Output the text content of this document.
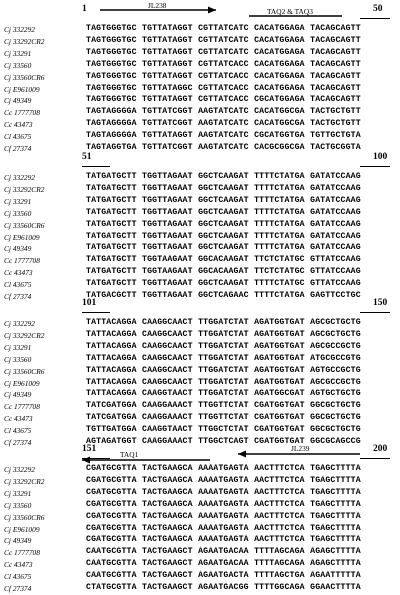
1	50
Cj 332292	TAGTGGGTGC TGTTATAGGT CGTTATCATC CACATGGAGA TACAGCAGTT
Cj 33292CR2	TAGTGGGTGC TGTTATAGGT CGTTATCATC CACATGGAGA TACAGCAGTT
Cj 33291	TAGTGGGTGC TGTTATAGGT CGTTATCATC CACATGGAGA TACAGCAGTT
Cj 33560	TAGTGGGTGC TGTTATAGGT CGTTATCACC CACATGGAGA TACAGCAGTT
Cj 33560CR6	TAGTGGGTGC TGTTATAGGT CGTTATCACC CACATGGAGA TACAGCAGTT
Cj E961009	TAGTGGGTGC TGTTATAGGC CGTTATCACC CACATGGAGA TACAGCAGTT
Cj 49349	TAGTGGGTGC TGTTATAGGT CGTTATCACC CGCATGGAGA TACAGCAGTT
Cc 1777708	TAGTAGGGGA TGTTATCGGT AAGTATCATC CACATGGCGA TACTGCTGTT
Cc 43473	TAGTAGGGGA TGTTATCGGT AAGTATCATC CACATGGCGA TACTGCTGTT
Cl 43675	TAGTAGGGGA TGTTATAGGT AAGTATCATC CGCATGGTGA TGTTGCTGTA
Cf 27374	TAGTAGGTGA TGTTATCGGT AAGTATCATC CACGCGGCGA TACTGCGGTA
51	100
Cj 332292	TATGATGCTT TGGTTAGAAT GGCTCAAGAT TTTTCTATGA GATATCCAAG
Cj 33292CR2	TATGATGCTT TGGTTAGAAT GGCTCAAGAT TTTTCTATGA GATATCCAAG
Cj 33291	TATGATGCTT TGGTTAGAAT GGCTCAAGAT TTTTCTATGA GATATCCAAG
Cj 33560	TATGATGCTT TGGTTAGAAT GGCTCAAGAT TTTTCTATGA GATATCCAAG
Cj 33560CR6	TATGATGCTT TGGTTAGAAT GGCTCAAGAT TTTTCTATGA GATATCCAAG
Cj E961009	TATGATGCTT TGGTTAGAAT GGCTCAAGAT TTTTCTATGA GATATCCAAG
Cj 49349	TATGATGCTT TGGTTAGAAT GGCTCAAGAT TTTTCTATGA GATATCCAAG
Cc 1777708	TATGATGCTT TGGTAAGAAT GGCACAAGAT TTCTCTATGC GTTATCCAAG
Cc 43473	TATGATGCTT TGGTAAGAAT GGCACAAGAT TTCTCTATGC GTTATCCAAG
Cl 43675	TATGATGCTT TGGTTAGAAT GGCTCAAGAT TTTTCTATGC GTTATCCAAG
Cf 27374	TATGACGCTT TGGTTAGAAT GGCTCAGAAC TTTTCTATGA GAGTTCCTGC
101	150
Cj 332292	TATTACAGGA CAAGGCAACT TTGGATCTAT AGATGGTGAT AGCGCTGCTG
Cj 33292CR2	TATTACAGGA CAAGGCAACT TTGGATCTAT AGATGGTGAT AGCGCTGCTG
Cj 33291	TATTACAGGA CAAGGCAACT TTGGATCTAT AGATGGTGAT AGCGCCGCTG
Cj 33560	TATTACAGGA CAAGGCAACT TTGGATCTAT AGATGGTGAT ATGCGCCGTG
Cj 33560CR6	TATTACAGGA CAAGGCAACT TTGGATCTAT AGATGGTGAT AGTGCCGCTG
Cj E961009	TATTACAGGA CAAGGCAACT TTGGATCTAT AGATGGTGAT AGCGCCGCTG
Cj 49349	TATTACAGGA CAAGGTAACT TTGGATCTAT AGATGGCGAT AGTGCTGCTG
Cc 1777708	TATCGATGGA CAAGGAAACT TTGGTTCTAT CGATGGTGAT GGCGCTGCTG
Cc 43473	TATCGATGGA CAAGGAAACT TTGGTTCTAT CGATGGTGAT GGCGCTGCTG
Cl 43675	TGTTGATGGA CAAGGTAACT TTGGCTCTAT CGATGGTGAT GGCGCTGCTG
Cf 27374	AGTAGATGGT CAAGGAAACT TTGGCTCAGT CGATGGTGAT GGCGCAGCCG
151	200
Cj 332292	CGATGCGTTA TACTGAAGCA AAAATGAGTA AACTTTCTCA TGAGCTTTTA
Cj 33292CR2	CGATGCGTTA TACTGAAGCA AAAATGAGTA AACTTTCTCA TGAGCTTTTA
Cj 33291	CGATGCGTTA TACTGAAGCA AAAATGAGTA AACTTTCTCA TGAGCTTTTA
Cj 33560	CGATGCGTTA TACTGAAGCA AAAATGAGTA AACTTTCTCA TGAGCTTTTA
Cj 33560CR6	CGATGCGTTA TACTGAAGCA AAAATGAGTA AACTTTCTCA TGAGCTTTTA
Cj E961009	CGATGCGTTA TACTGAAGCA AAAATGAGTA AACTTTCTCA TGAGCTTTTA
Cj 49349	CGATGCGTTA TACTGAAGCA AAAATGAGTA AACTTTCTCA TGAGCTTTTA
Cc 1777708	CAATGCGTTA TACTGAAGCT AGAATGACAA TTTTAGCAGA AGAGCTTTTA
Cc 43473	CAATGCGTTA TACTGAAGCT AGAATGACAA TTTTAGCAGA AGAGCTTTTA
Cl 43675	CAATGCGTTA TACTGAAGCT AGAATGACTA TTTTAGCTGA AGAATTTTTA
Cf 27374	CTATGCGTTA TACTGAAGCT AGAATGACGG TTTTGGCAGA GGAACTTTTA
JL238
TAQ2 & TAQ3
TAQ1
JL239
